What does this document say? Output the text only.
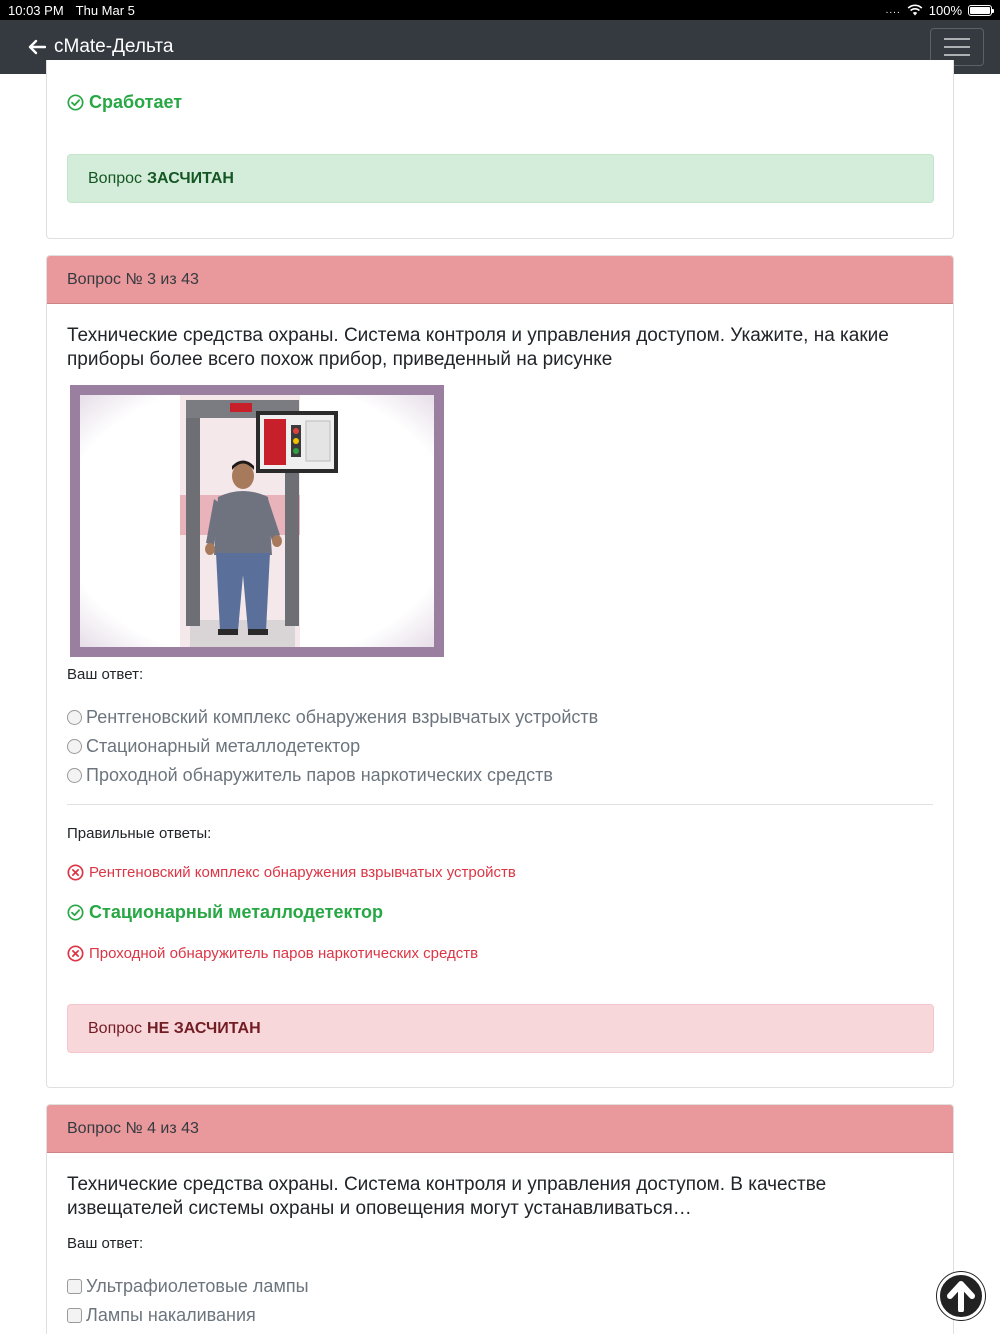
10:03 PM Thu Mar 5	.... 100%
cMate-Дельта
Сработает
Вопрос ЗАСЧИТАН
Вопрос № 3 из 43
Технические средства охраны. Система контроля и управления доступом. Укажите, на какие приборы более всего похож прибор, приведенный на рисунке
Ваш ответ:
Рентгеновский комплекс обнаружения взрывчатых устройств
Стационарный металлодетектор
Проходной обнаружитель паров наркотических средств
Правильные ответы:
Рентгеновский комплекс обнаружения взрывчатых устройств
Стационарный металлодетектор
Проходной обнаружитель паров наркотических средств
Вопрос НЕ ЗАСЧИТАН
Вопрос № 4 из 43
Технические средства охраны. Система контроля и управления доступом. В качестве извещателей системы охраны и оповещения могут устанавливаться…
Ваш ответ:
Ультрафиолетовые лампы
Лампы накаливания
